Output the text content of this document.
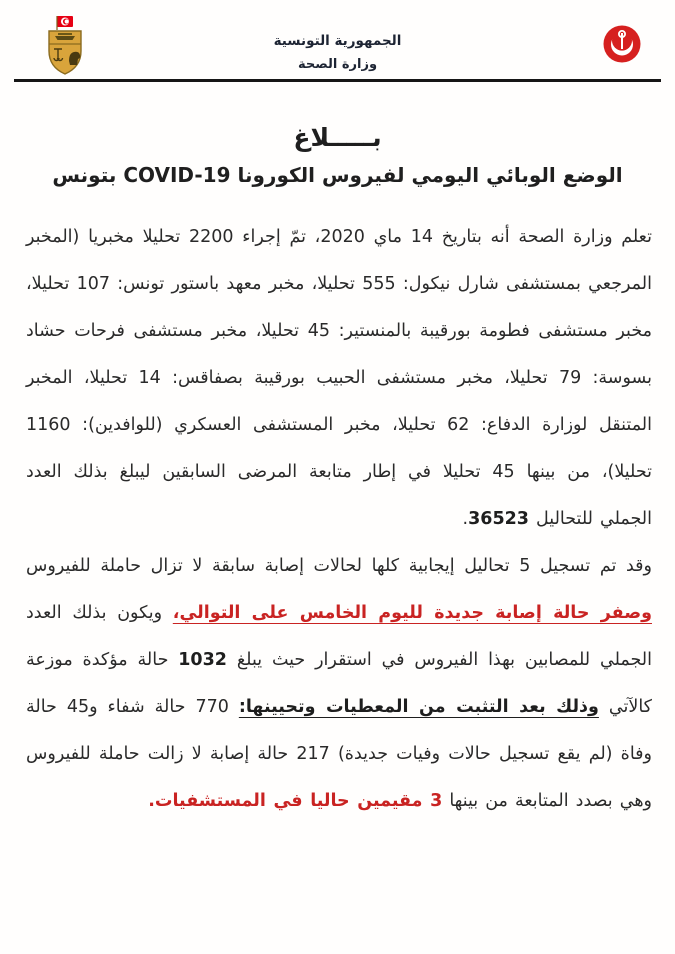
الجمهورية التونسية
وزارة الصحة
بـــــلاغ
الوضع الوبائي اليومي لفيروس الكورونا COVID-19 بتونس

تعلم وزارة الصحة أنه بتاريخ 14 ماي 2020، تمّ إجراء 2200 تحليلا مخبريا (المخبر المرجعي بمستشفى شارل نيكول: 555 تحليلا، مخبر معهد باستور تونس: 107 تحليلا، مخبر مستشفى فطومة بورقيبة بالمنستير: 45 تحليلا، مخبر مستشفى فرحات حشاد بسوسة: 79 تحليلا، مخبر مستشفى الحبيب بورقيبة بصفاقس: 14 تحليلا، المخبر المتنقل لوزارة الدفاع: 62 تحليلا، مخبر المستشفى العسكري (للوافدين): 1160 تحليلا)، من بينها 45 تحليلا في إطار متابعة المرضى السابقين ليبلغ بذلك العدد الجملي للتحاليل 36523.

وقد تم تسجيل 5 تحاليل إيجابية كلها لحالات إصابة سابقة لا تزال حاملة للفيروس وصفر حالة إصابة جديدة لليوم الخامس على التوالي، ويكون بذلك العدد الجملي للمصابين بهذا الفيروس في استقرار حيث يبلغ 1032 حالة مؤكدة موزعة كالآتي وذلك بعد التثبت من المعطيات وتحيينها: 770 حالة شفاء و45 حالة وفاة (لم يقع تسجيل حالات وفيات جديدة) 217 حالة إصابة لا زالت حاملة للفيروس وهي بصدد المتابعة من بينها 3 مقيمين حاليا في المستشفيات.
